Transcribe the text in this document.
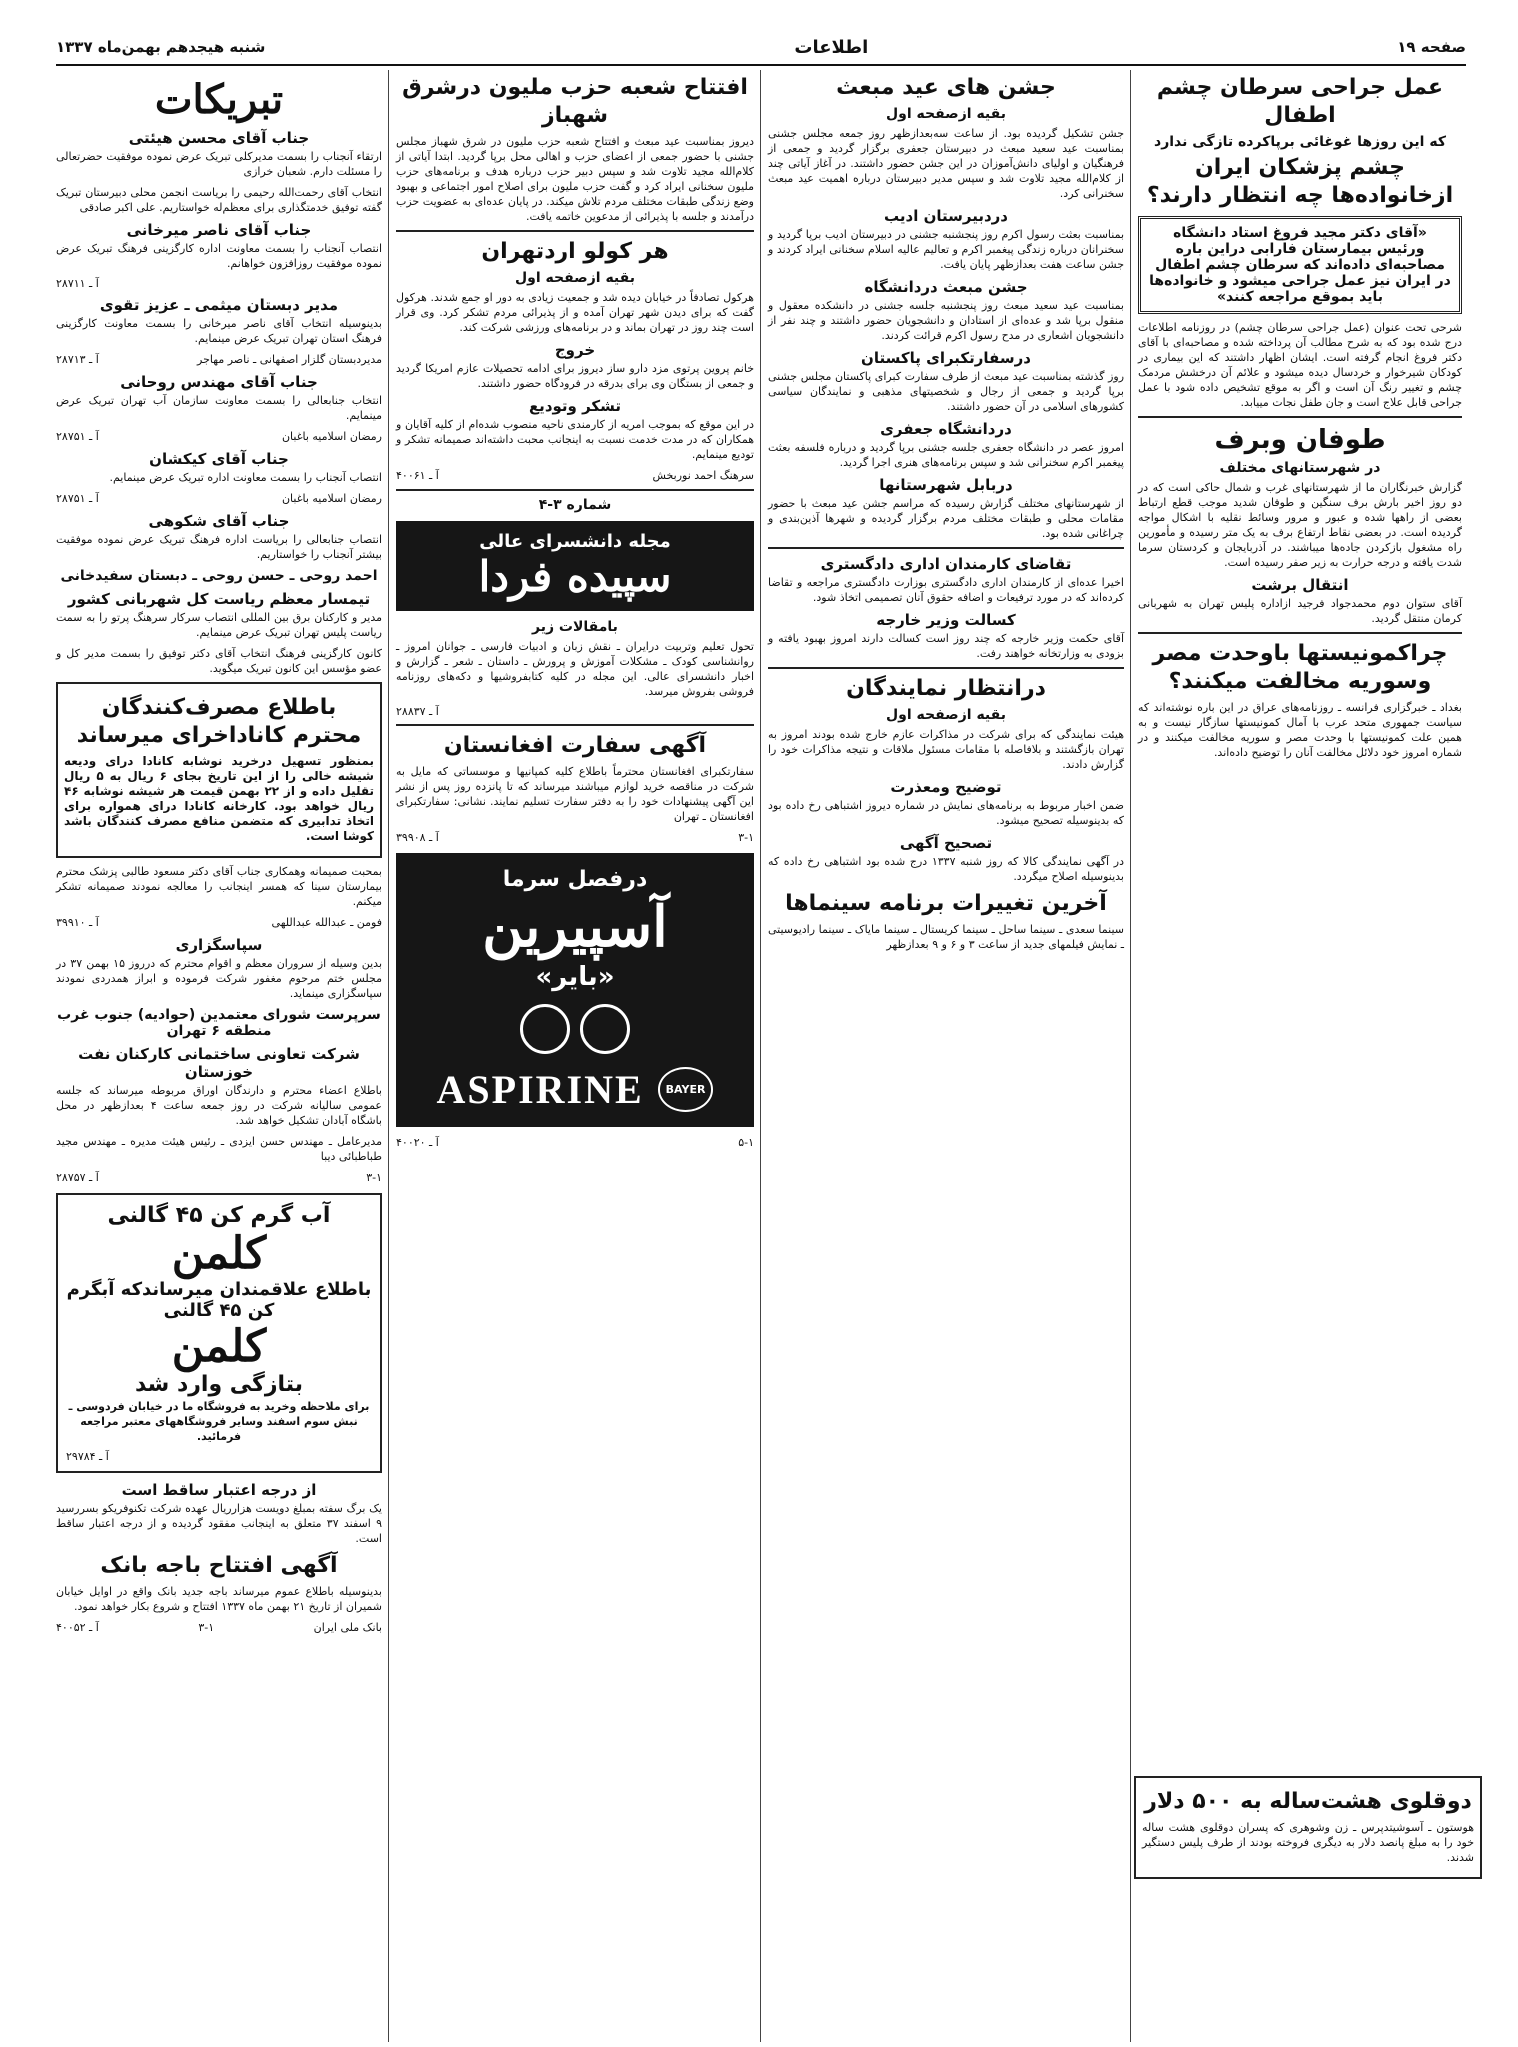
صفحه ۱۹
اطلاعات
شنبه هیجدهم بهمن‌ماه ۱۳۳۷
عمل جراحی سرطان چشم اطفال
که این روزها غوغائی برپاکرده تازگی ندارد
چشم پزشکان ایران ازخانواده‌ها چه انتظار دارند؟
«آقای دکتر مجید فروغ استاد دانشگاه ورئیس بیمارستان فارابی دراین باره مصاحبه‌ای داده‌اند که سرطان چشم اطفال در ایران نیز عمل جراحی میشود و خانواده‌ها باید بموقع مراجعه کنند»
شرحی تحت عنوان (عمل جراحی سرطان چشم) در روزنامه اطلاعات درج شده بود که به شرح مطالب آن پرداخته شده و مصاحبه‌ای با آقای دکتر فروغ انجام گرفته است. ایشان اظهار داشتند که این بیماری در کودکان شیرخوار و خردسال دیده میشود و علائم آن درخشش مردمک چشم و تغییر رنگ آن است و اگر به موقع تشخیص داده شود با عمل جراحی قابل علاج است و جان طفل نجات مییابد.
طوفان وبرف
در شهرستانهای مختلف
گزارش خبرنگاران ما از شهرستانهای غرب و شمال حاکی است که در دو روز اخیر بارش برف سنگین و طوفان شدید موجب قطع ارتباط بعضی از راهها شده و عبور و مرور وسائط نقلیه با اشکال مواجه گردیده است. در بعضی نقاط ارتفاع برف به یک متر رسیده و مأمورین راه مشغول بازکردن جاده‌ها میباشند. در آذربایجان و کردستان سرما شدت یافته و درجه حرارت به زیر صفر رسیده است.
انتقال برشت
آقای ستوان دوم محمدجواد فرجید ازاداره پلیس تهران به شهربانی کرمان منتقل گردید.
چراکمونیستها باوحدت مصر وسوریه مخالفت میکنند؟
بغداد ـ خبرگزاری فرانسه ـ روزنامه‌های عراق در این باره نوشته‌اند که سیاست جمهوری متحد عرب با آمال کمونیستها سازگار نیست و به همین علت کمونیستها با وحدت مصر و سوریه مخالفت میکنند و در شماره امروز خود دلائل مخالفت آنان را توضیح داده‌اند.
جشن های عید مبعث
بقیه ازصفحه اول
جشن تشکیل گردیده بود. از ساعت سه‌بعدازظهر روز جمعه مجلس جشنی بمناسبت عید سعید مبعث در دبیرستان جعفری برگزار گردید و جمعی از فرهنگیان و اولیای دانش‌آموزان در این جشن حضور داشتند. در آغاز آیاتی چند از کلام‌الله مجید تلاوت شد و سپس مدیر دبیرستان درباره اهمیت عید مبعث سخنرانی کرد.
دردبیرستان ادیب
بمناسبت بعثت رسول اکرم روز پنجشنبه جشنی در دبیرستان ادیب برپا گردید و سخنرانان درباره زندگی پیغمبر اکرم و تعالیم عالیه اسلام سخنانی ایراد کردند و جشن ساعت هفت بعدازظهر پایان یافت.
جشن مبعث دردانشگاه
بمناسبت عید سعید مبعث روز پنجشنبه جلسه جشنی در دانشکده معقول و منقول برپا شد و عده‌ای از استادان و دانشجویان حضور داشتند و چند نفر از دانشجویان اشعاری در مدح رسول اکرم قرائت کردند.
درسفارتکبرای پاکستان
روز گذشته بمناسبت عید مبعث از طرف سفارت کبرای پاکستان مجلس جشنی برپا گردید و جمعی از رجال و شخصیتهای مذهبی و نمایندگان سیاسی کشورهای اسلامی در آن حضور داشتند.
دردانشگاه جعفری
امروز عصر در دانشگاه جعفری جلسه جشنی برپا گردید و درباره فلسفه بعثت پیغمبر اکرم سخنرانی شد و سپس برنامه‌های هنری اجرا گردید.
دربابل شهرستانها
از شهرستانهای مختلف گزارش رسیده که مراسم جشن عید مبعث با حضور مقامات محلی و طبقات مختلف مردم برگزار گردیده و شهرها آذین‌بندی و چراغانی شده بود.
تقاضای کارمندان اداری دادگستری
اخیرا عده‌ای از کارمندان اداری دادگستری بوزارت دادگستری مراجعه و تقاضا کرده‌اند که در مورد ترفیعات و اضافه حقوق آنان تصمیمی اتخاذ شود.
کسالت وزیر خارجه
آقای حکمت وزیر خارجه که چند روز است کسالت دارند امروز بهبود یافته و بزودی به وزارتخانه خواهند رفت.
درانتظار نمایندگان
بقیه ازصفحه اول
هیئت نمایندگی که برای شرکت در مذاکرات عازم خارج شده بودند امروز به تهران بازگشتند و بلافاصله با مقامات مسئول ملاقات و نتیجه مذاکرات خود را گزارش دادند.
توضیح ومعذرت
ضمن اخبار مربوط به برنامه‌های نمایش در شماره دیروز اشتباهی رخ داده بود که بدینوسیله تصحیح میشود.
تصحیح آگهی
در آگهی نمایندگی کالا که روز شنبه ۱۳۳۷ درج شده بود اشتباهی رخ داده که بدینوسیله اصلاح میگردد.
آخرین تغییرات برنامه سینماها
سینما سعدی ـ سینما ساحل ـ سینما کریستال ـ سینما مایاک ـ سینما رادیوسیتی ـ نمایش فیلمهای جدید از ساعت ۳ و ۶ و ۹ بعدازظهر
افتتاح شعبه حزب ملیون درشرق شهباز
دیروز بمناسبت عید مبعث و افتتاح شعبه حزب ملیون در شرق شهباز مجلس جشنی با حضور جمعی از اعضای حزب و اهالی محل برپا گردید. ابتدا آیاتی از کلام‌الله مجید تلاوت شد و سپس دبیر حزب درباره هدف و برنامه‌های حزب ملیون سخنانی ایراد کرد و گفت حزب ملیون برای اصلاح امور اجتماعی و بهبود وضع زندگی طبقات مختلف مردم تلاش میکند. در پایان عده‌ای به عضویت حزب درآمدند و جلسه با پذیرائی از مدعوین خاتمه یافت.
هر کولو اردتهران
بقیه ازصفحه اول
هرکول تصادفاً در خیابان دیده شد و جمعیت زیادی به دور او جمع شدند. هرکول گفت که برای دیدن شهر تهران آمده و از پذیرائی مردم تشکر کرد. وی قرار است چند روز در تهران بماند و در برنامه‌های ورزشی شرکت کند.
خروج
خانم پروین پرتوی مزد دارو ساز دیروز برای ادامه تحصیلات عازم امریکا گردید و جمعی از بستگان وی برای بدرقه در فرودگاه حضور داشتند.
تشکر وتودیع
در این موقع که بموجب امریه از کارمندی ناحیه منصوب شده‌ام از کلیه آقایان و همکاران که در مدت خدمت نسبت به اینجانب محبت داشته‌اند صمیمانه تشکر و تودیع مینمایم.
سرهنگ احمد نوربخش
آ ـ ۴۰۰۶۱
شماره ۳-۴
مجله دانشسرای عالی
سپیده فردا
بامقالات زیر
تحول تعلیم وتربیت درایران ـ نقش زبان و ادبیات فارسی ـ جوانان امروز ـ روانشناسی کودک ـ مشکلات آموزش و پرورش ـ داستان ـ شعر ـ گزارش و اخبار دانشسرای عالی. این مجله در کلیه کتابفروشیها و دکه‌های روزنامه فروشی بفروش میرسد.
آ ـ ۲۸۸۳۷
آگهی سفارت افغانستان
سفارتکبرای افغانستان محترماً باطلاع کلیه کمپانیها و موسساتی که مایل به شرکت در مناقصه خرید لوازم میباشند میرساند که تا پانزده روز پس از نشر این آگهی پیشنهادات خود را به دفتر سفارت تسلیم نمایند. نشانی: سفارتکبرای افغانستان ـ تهران
۳-۱
آ ـ ۳۹۹۰۸
درفصل سرما
آسپیرین
«بایر»
ASPIRINE	BAYER
۵-۱
آ ـ ۴۰۰۲۰
تبریکات
جناب آقای محسن هیئتی
ارتقاء آنجناب را بسمت مدیرکلی تبریک عرض نموده موفقیت حضرتعالی را مسئلت دارم. شعبان خرازی
انتخاب آقای رحمت‌الله رحیمی را بریاست انجمن محلی دبیرستان تبریک گفته توفیق خدمتگذاری برای معظم‌له خواستاریم. علی اکبر صادقی
جناب آقای ناصر میرخانی
انتصاب آنجناب را بسمت معاونت اداره کارگزینی فرهنگ تبریک عرض نموده موفقیت روزافزون خواهانم.
آ ـ ۲۸۷۱۱
مدیر دبستان میثمی ـ عزیز تقوی
بدینوسیله انتخاب آقای ناصر میرخانی را بسمت معاونت کارگزینی فرهنگ استان تهران تبریک عرض مینمایم.
مدیردبستان گلزار اصفهانی ـ ناصر مهاجر
آ ـ ۲۸۷۱۳
جناب آقای مهندس روحانی
انتخاب جنابعالی را بسمت معاونت سازمان آب تهران تبریک عرض مینمایم.
رمضان اسلامیه باغبان
آ ـ ۲۸۷۵۱
جناب آقای کیکشان
انتصاب آنجناب را بسمت معاونت اداره تبریک عرض مینمایم.
رمضان اسلامیه باغبان
آ ـ ۲۸۷۵۱
جناب آقای شکوهی
انتصاب جنابعالی را بریاست اداره فرهنگ تبریک عرض نموده موفقیت بیشتر آنجناب را خواستاریم.
احمد روحی ـ حسن روحی ـ دبستان سفیدخانی
تیمسار معظم ریاست کل شهربانی کشور
مدیر و کارکنان برق بین المللی انتصاب سرکار سرهنگ پرتو را به سمت ریاست پلیس تهران تبریک عرض مینمایم.
کانون کارگزینی فرهنگ انتخاب آقای دکتر توفیق را بسمت مدیر کل و عضو مؤسس این کانون تبریک میگوید.
باطلاع مصرف‌کنندگان محترم کاناداخرای میرساند
بمنظور تسهیل درخرید نوشابه کانادا درای ودیعه شیشه خالی را از این تاریخ بجای ۶ ریال به ۵ ریال تقلیل داده و از ۲۲ بهمن قیمت هر شیشه نوشابه ۴۶ ریال خواهد بود. کارخانه کانادا درای همواره برای اتخاذ تدابیری که متضمن منافع مصرف کنندگان باشد کوشا است.
بمحبت صمیمانه وهمکاری جناب آقای دکتر مسعود طالبی پزشک محترم بیمارستان سینا که همسر اینجانب را معالجه نمودند صمیمانه تشکر میکنم.
فومن ـ عبدالله عبداللهی
آ ـ ۳۹۹۱۰
سپاسگزاری
بدین وسیله از سروران معظم و اقوام محترم که درروز ۱۵ بهمن ۳۷ در مجلس ختم مرحوم مغفور شرکت فرموده و ابراز همدردی نمودند سپاسگزاری مینماید.
سرپرست شورای معتمدین (حوادیه) جنوب غرب منطقه ۶ تهران
شرکت تعاونی ساختمانی کارکنان نفت خوزستان
باطلاع اعضاء محترم و دارندگان اوراق مربوطه میرساند که جلسه عمومی سالیانه شرکت در روز جمعه ساعت ۴ بعدازظهر در محل باشگاه آبادان تشکیل خواهد شد.
مدیرعامل ـ مهندس حسن ایزدی ـ رئیس هیئت مدیره ـ مهندس مجید طباطبائی دیبا
۳-۱
آ ـ ۲۸۷۵۷
آب گرم کن ۴۵ گالنی
کلمن
باطلاع علاقمندان میرساندکه آبگرم کن ۴۵ گالنی
کلمن
بتازگی وارد شد
برای ملاحظه وخرید به فروشگاه ما در خیابان فردوسی ـ نبش سوم اسفند وسایر فروشگاههای معتبر مراجعه فرمائید.
آ ـ ۲۹۷۸۴
از درجه اعتبار ساقط است
یک برگ سفته بمبلغ دویست هزارریال عهده شرکت تکنوفریکو بسررسید ۹ اسفند ۳۷ متعلق به اینجانب مفقود گردیده و از درجه اعتبار ساقط است.
آگهی افتتاح باجه بانک
بدینوسیله باطلاع عموم میرساند باجه جدید بانک واقع در اوایل خیابان شمیران از تاریخ ۲۱ بهمن ماه ۱۳۳۷ افتتاح و شروع بکار خواهد نمود.
بانک ملی ایران
۳-۱
آ ـ ۴۰۰۵۲
دوقلوی هشت‌ساله به ۵۰۰ دلار
هوستون ـ آسوشیتدپرس ـ زن وشوهری که پسران دوقلوی هشت ساله خود را به مبلغ پانصد دلار به دیگری فروخته بودند از طرف پلیس دستگیر شدند.
